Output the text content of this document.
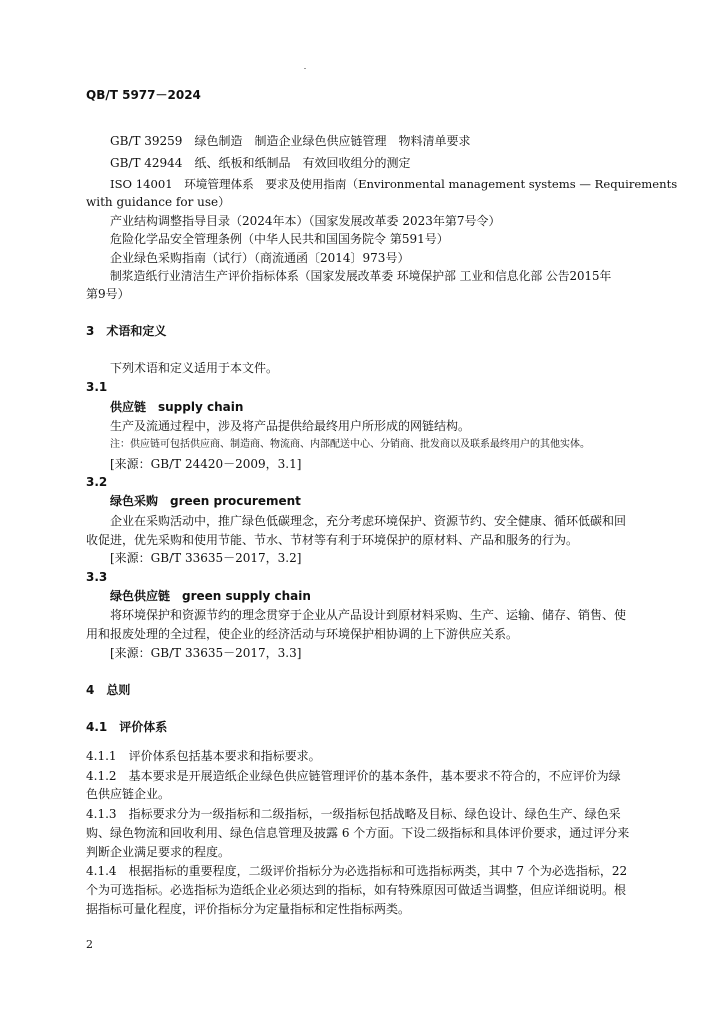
QB/T 5977－2024
GB/T 39259　绿色制造　制造企业绿色供应链管理　物料清单要求
GB/T 42944　纸、纸板和纸制品　有效回收组分的测定
ISO 14001　环境管理体系　要求及使用指南（Environmental management systems — Requirements
with guidance for use）
产业结构调整指导目录（2024年本）（国家发展改革委 2023年第7号令）
危险化学品安全管理条例（中华人民共和国国务院令 第591号）
企业绿色采购指南（试行）（商流通函〔2014〕973号）
制浆造纸行业清洁生产评价指标体系（国家发展改革委 环境保护部 工业和信息化部 公告2015年
第9号）
3　术语和定义
下列术语和定义适用于本文件。
3.1
供应链　supply chain
生产及流通过程中，涉及将产品提供给最终用户所形成的网链结构。
注：供应链可包括供应商、制造商、物流商、内部配送中心、分销商、批发商以及联系最终用户的其他实体。
[来源：GB/T 24420－2009，3.1]
3.2
绿色采购　green procurement
企业在采购活动中，推广绿色低碳理念，充分考虑环境保护、资源节约、安全健康、循环低碳和回
收促进，优先采购和使用节能、节水、节材等有利于环境保护的原材料、产品和服务的行为。
[来源：GB/T 33635－2017，3.2]
3.3
绿色供应链　green supply chain
将环境保护和资源节约的理念贯穿于企业从产品设计到原材料采购、生产、运输、储存、销售、使
用和报废处理的全过程，使企业的经济活动与环境保护相协调的上下游供应关系。
[来源：GB/T 33635－2017，3.3]
4　总则
4.1　评价体系
4.1.1　 评价体系包括基本要求和指标要求。
4.1.2　 基本要求是开展造纸企业绿色供应链管理评价的基本条件，基本要求不符合的，不应评价为绿
色供应链企业。
4.1.3　 指标要求分为一级指标和二级指标，一级指标包括战略及目标、绿色设计、绿色生产、绿色采
购、绿色物流和回收利用、绿色信息管理及披露 6 个方面。下设二级指标和具体评价要求，通过评分来
判断企业满足要求的程度。
4.1.4　 根据指标的重要程度，二级评价指标分为必选指标和可选指标两类，其中 7 个为必选指标，22
个为可选指标。必选指标为造纸企业必须达到的指标，如有特殊原因可做适当调整，但应详细说明。根
据指标可量化程度，评价指标分为定量指标和定性指标两类。
2
